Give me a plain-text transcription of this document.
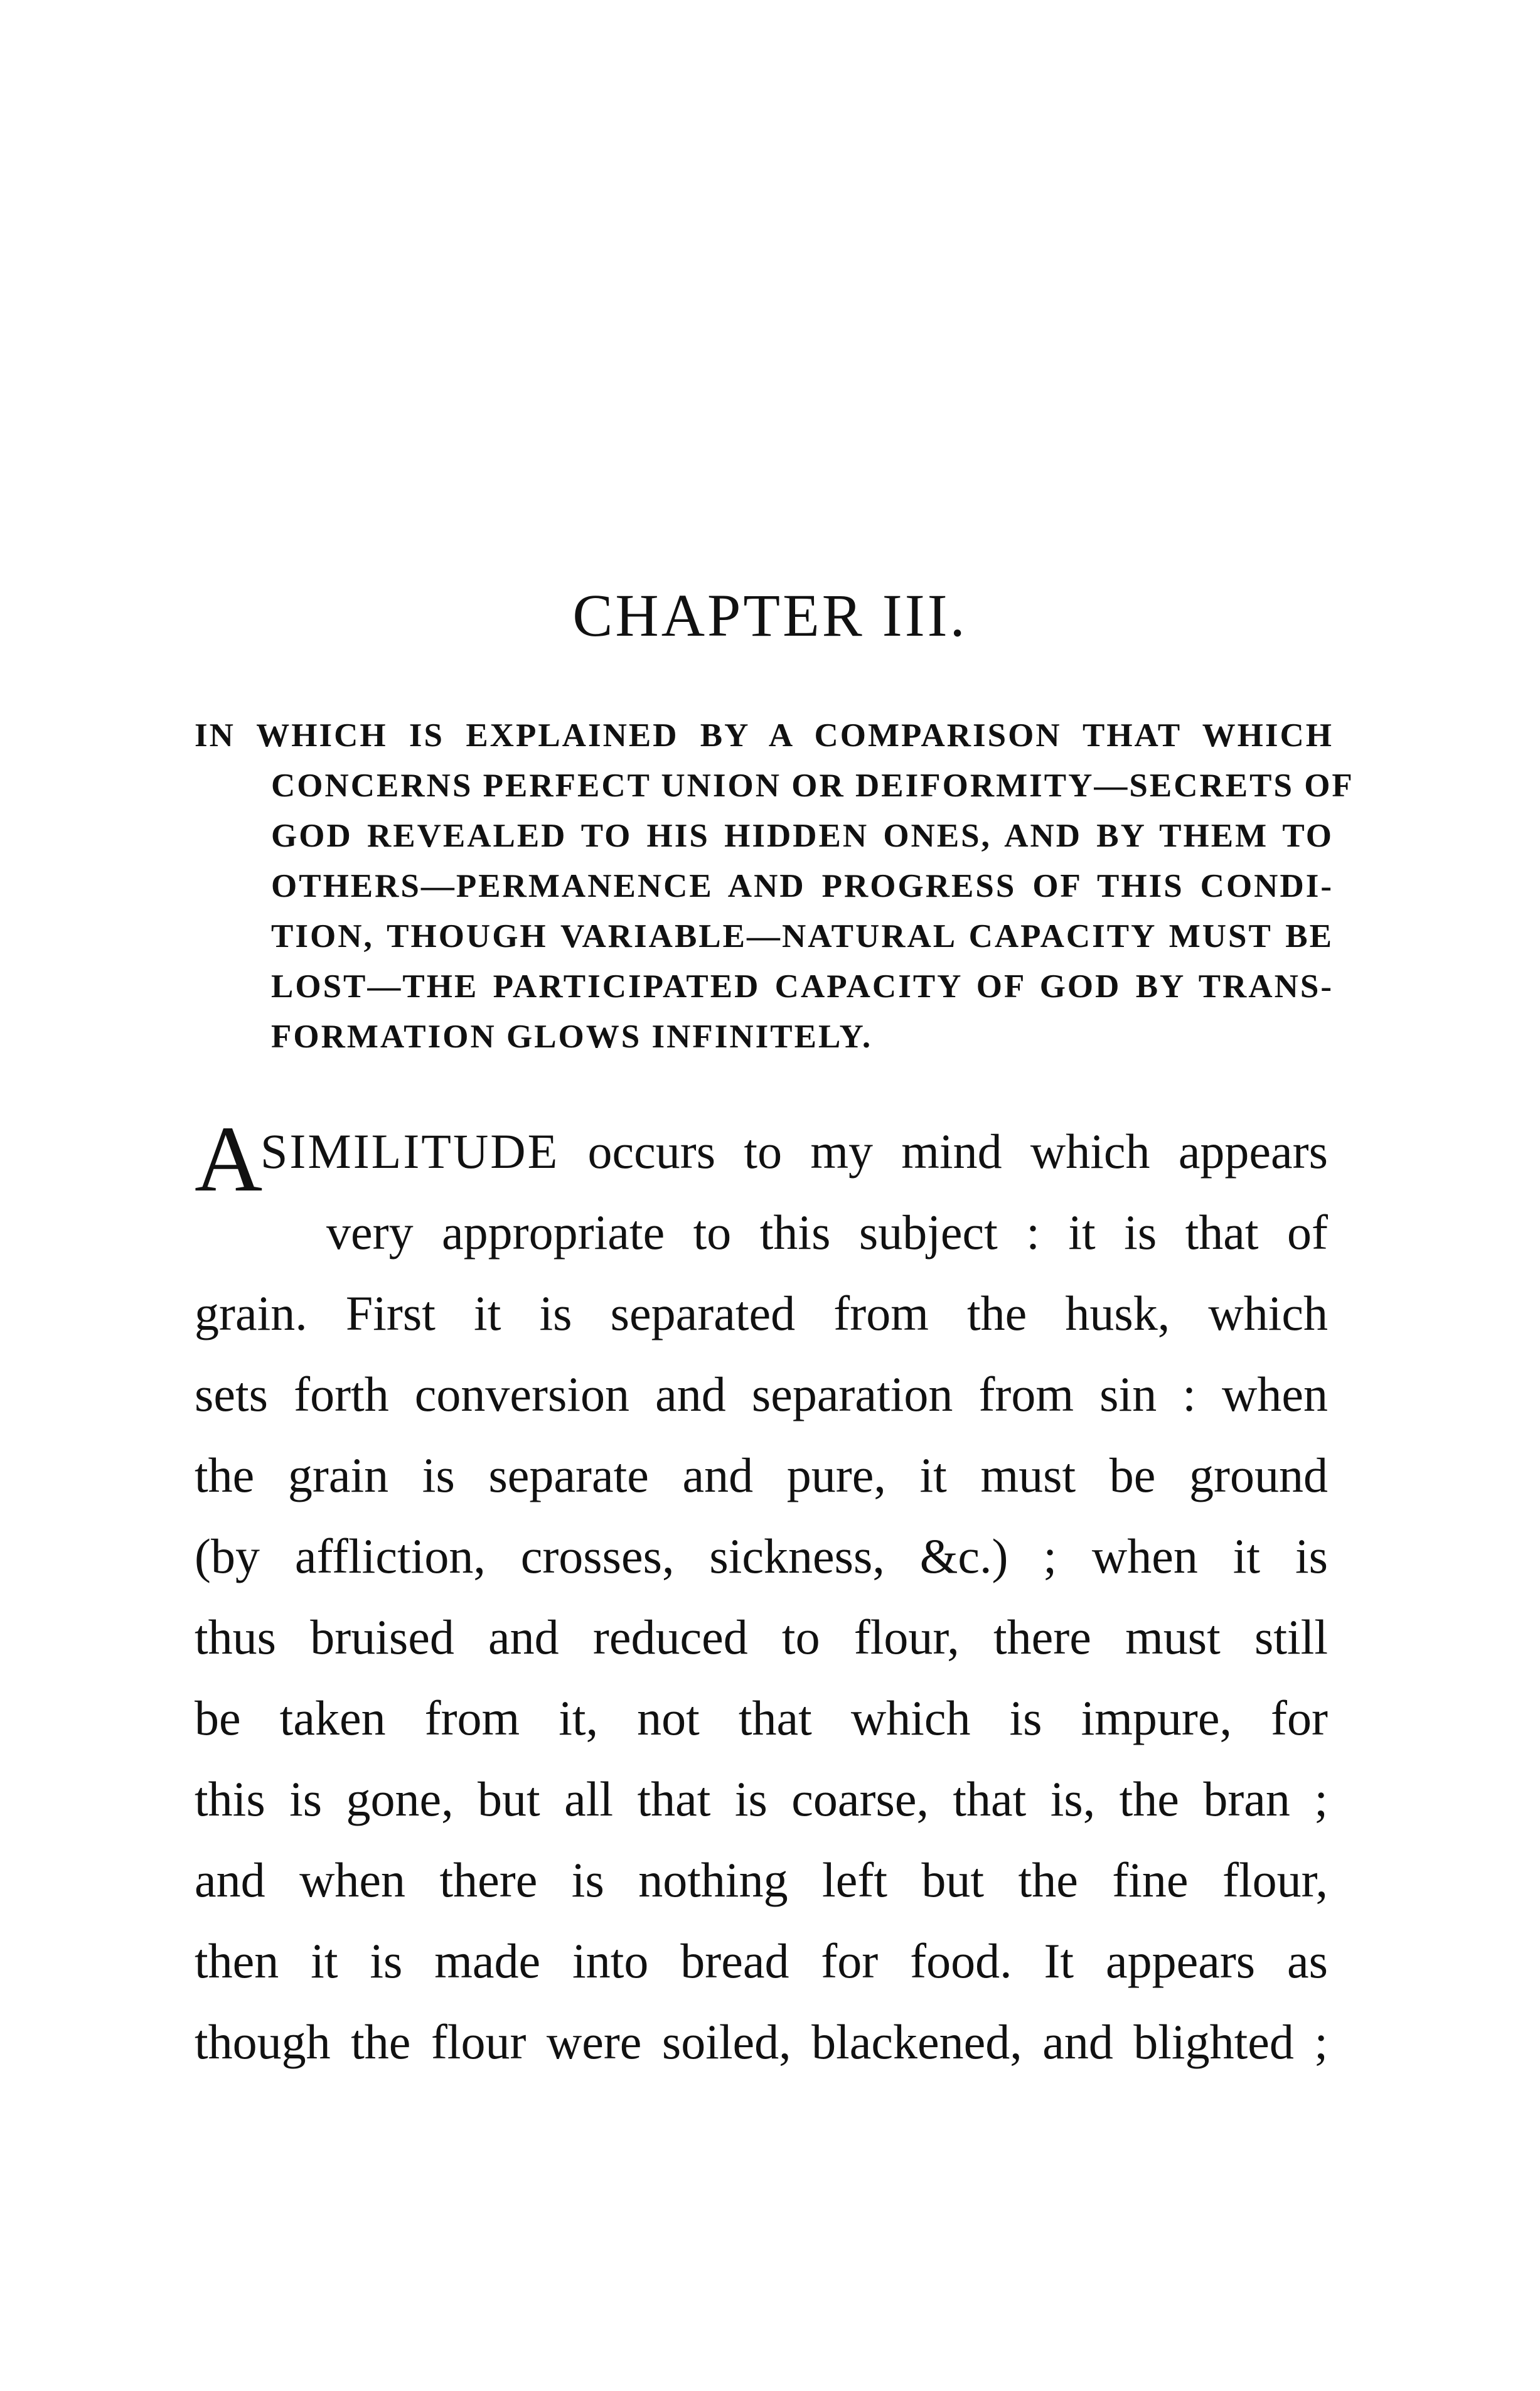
CHAPTER III.
IN WHICH IS EXPLAINED BY A COMPARISON THAT WHICH
CONCERNS PERFECT UNION OR DEIFORMITY—SECRETS OF
GOD REVEALED TO HIS HIDDEN ONES, AND BY THEM TO
OTHERS—PERMANENCE AND PROGRESS OF THIS CONDI-
TION, THOUGH VARIABLE—NATURAL CAPACITY MUST BE
LOST—THE PARTICIPATED CAPACITY OF GOD BY TRANS-
FORMATION GLOWS INFINITELY.
A
SIMILITUDE occurs to my mind which appears
very appropriate to this subject : it is that of
grain. First it is separated from the husk, which
sets forth conversion and separation from sin : when
the grain is separate and pure, it must be ground
(by affliction, crosses, sickness, &c.) ; when it is
thus bruised and reduced to flour, there must still
be taken from it, not that which is impure, for
this is gone, but all that is coarse, that is, the bran ;
and when there is nothing left but the fine flour,
then it is made into bread for food. It appears as
though the flour were soiled, blackened, and blighted ;
